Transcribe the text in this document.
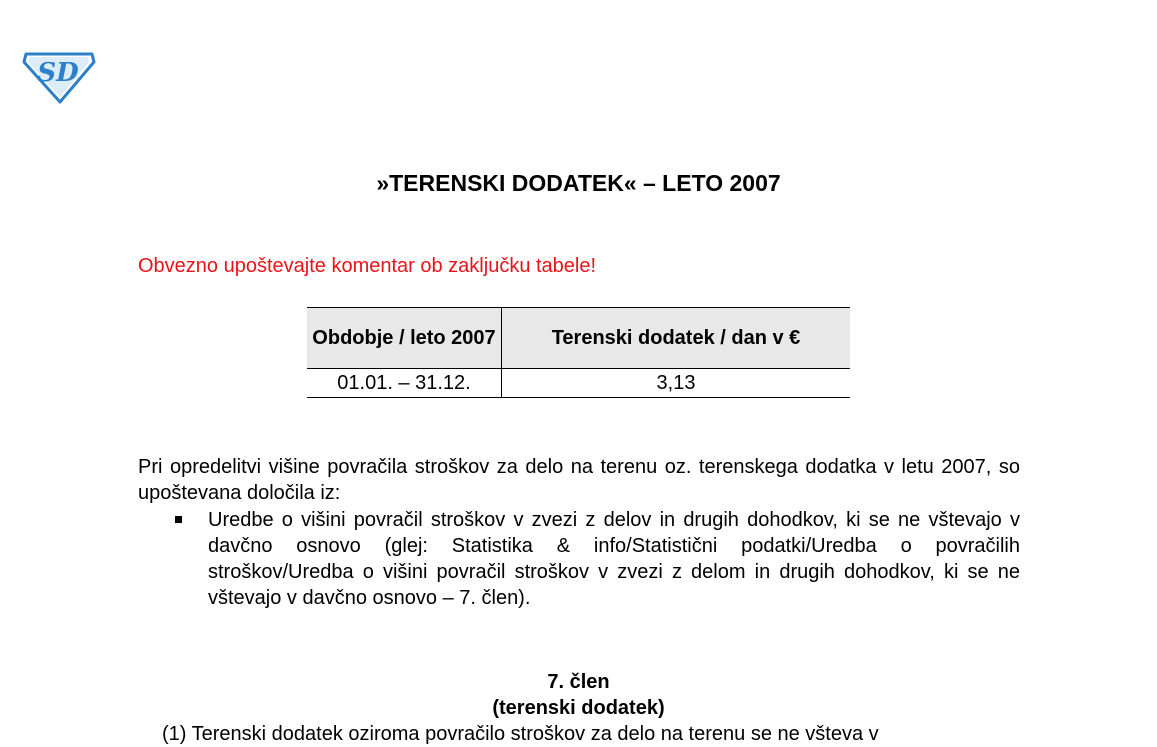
SD
»TERENSKI DODATEK« – LETO 2007

Obvezno upoštevajte komentar ob zaključku tabele!

Obdobje / leto 2007	Terenski dodatek / dan v €
01.01. – 31.12.	3,13

Pri opredelitvi višine povračila stroškov za delo na terenu oz. terenskega dodatka v letu 2007, so upoštevana določila iz:

Uredbe o višini povračil stroškov v zvezi z delov in drugih dohodkov, ki se ne vštevajo v davčno osnovo (glej: Statistika & info/Statistični podatki/Uredba o povračilih stroškov/Uredba o višini povračil stroškov v zvezi z delom in drugih dohodkov, ki se ne vštevajo v davčno osnovo – 7. člen).
7. člen
(terenski dodatek)

(1) Terenski dodatek oziroma povračilo stroškov za delo na terenu se ne všteva v
